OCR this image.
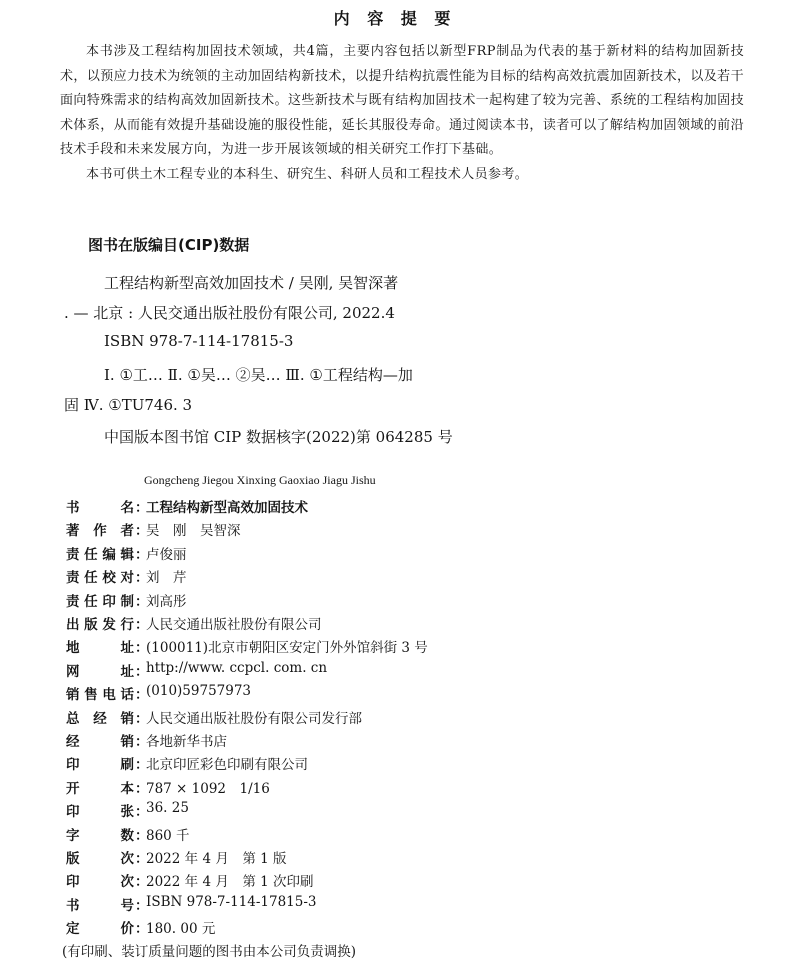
内 容 提 要

本书涉及工程结构加固技术领域，共4篇，主要内容包括以新型FRP制品为代表的基于新材料的结构加固新技术，以预应力技术为统领的主动加固结构新技术，以提升结构抗震性能为目标的结构高效抗震加固新技术，以及若干面向特殊需求的结构高效加固新技术。这些新技术与既有结构加固技术一起构建了较为完善、系统的工程结构加固技术体系，从而能有效提升基础设施的服役性能，延长其服役寿命。通过阅读本书，读者可以了解结构加固领域的前沿技术手段和未来发展方向，为进一步开展该领域的相关研究工作打下基础。

本书可供土木工程专业的本科生、研究生、科研人员和工程技术人员参考。

图书在版编目(CIP)数据
工程结构新型高效加固技术 / 吴刚, 吴智深著
. — 北京 : 人民交通出版社股份有限公司, 2022.4
ISBN 978-7-114-17815-3
Ⅰ. ①工… Ⅱ. ①吴… ②吴… Ⅲ. ①工程结构—加
固 Ⅳ. ①TU746. 3
中国版本图书馆 CIP 数据核字(2022)第 064285 号
Gongcheng Jiegou Xinxing Gaoxiao Jiagu Jishu
书　名 ：
工程结构新型高效加固技术
著作者 ：
吴　刚　吴智深
责任编辑 ：
卢俊丽
责任校对 ：
刘　芹
责任印制 ：
刘高彤
出版发行 ：
人民交通出版社股份有限公司
地　址 ：
(100011)北京市朝阳区安定门外外馆斜街 3 号
网　址 ：
http://www. ccpcl. com. cn
销售电话 ：
(010)59757973
总经销 ：
人民交通出版社股份有限公司发行部
经　销 ：
各地新华书店
印　刷 ：
北京印匠彩色印刷有限公司
开　本 ：
787 × 1092　1/16
印　张 ：
36. 25
字　数 ：
860 千
版　次 ：
2022 年 4 月　第 1 版
印　次 ：
2022 年 4 月　第 1 次印刷
书　号 ：
ISBN 978-7-114-17815-3
定　价 ：
180. 00 元
(有印刷、装订质量问题的图书由本公司负责调换)
